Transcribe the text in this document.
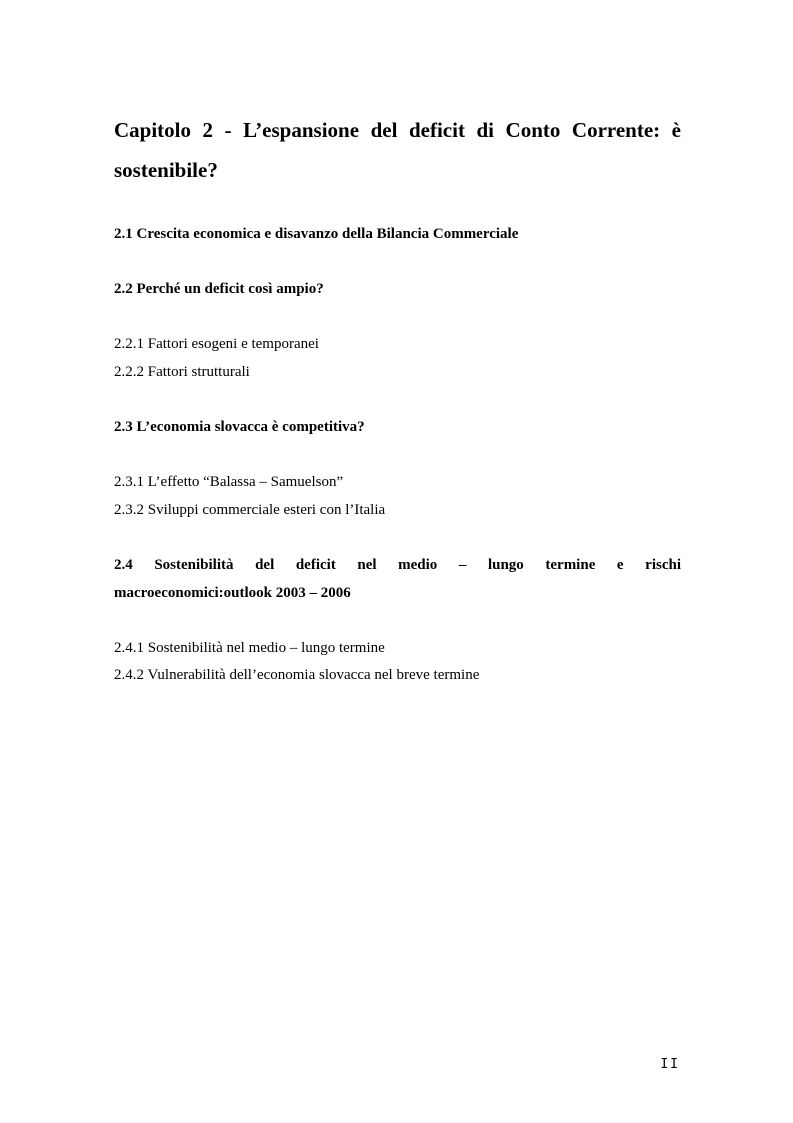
Capitolo 2 - L’espansione del deficit di Conto Corrente: è
sostenibile?

2.1 Crescita economica e disavanzo della Bilancia Commerciale

2.2 Perché un deficit così ampio?

2.2.1 Fattori esogeni e temporanei

2.2.2 Fattori strutturali

2.3 L’economia slovacca è competitiva?

2.3.1 L’effetto “Balassa – Samuelson”

2.3.2 Sviluppi commerciale esteri con l’Italia

2.4 Sostenibilità del deficit nel medio – lungo termine e rischi
macroeconomici:outlook 2003 – 2006

2.4.1 Sostenibilità nel medio – lungo termine

2.4.2 Vulnerabilità dell’economia slovacca nel breve termine

II
